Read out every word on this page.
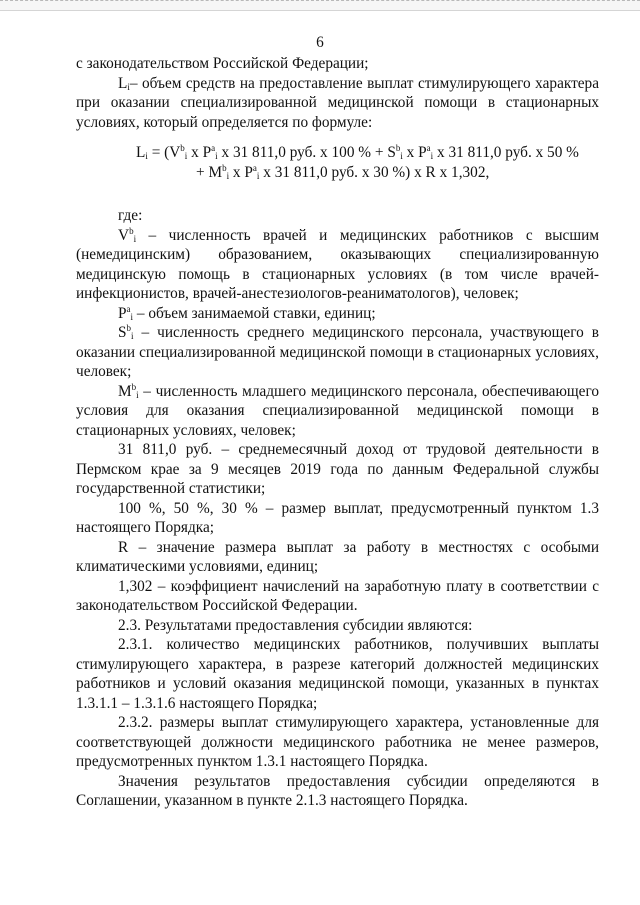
6

с законодательством Российской Федерации;

$L_i-$ объем средств на предоставление выплат стимулирующего характера при оказании специализированной медицинской помощи в стационарных условиях, который определяется по формуле:

$L_i = (V^b_i$ x $P^a_i$ x 31 811,0 руб. x 100 % + $S^b_i$ x $P^a_i$ x 31 811,0 руб. x 50 %
+ $M^b_i$ x $P^a_i$ x 31 811,0 руб. x 30 %) x R x 1,302,

где:

$V^b_i$ – численность врачей и медицинских работников с высшим (немедицинским) образованием, оказывающих специализированную медицинскую помощь в стационарных условиях (в том числе врачей-инфекционистов, врачей-анестезиологов-реаниматологов), человек;

$P^a_i$ – объем занимаемой ставки, единиц;

$S^b_i$ – численность среднего медицинского персонала, участвующего в оказании специализированной медицинской помощи в стационарных условиях, человек;

$M^b_i$ – численность младшего медицинского персонала, обеспечивающего условия для оказания специализированной медицинской помощи в стационарных условиях, человек;

31 811,0 руб. – среднемесячный доход от трудовой деятельности в Пермском крае за 9 месяцев 2019 года по данным Федеральной службы государственной статистики;

100 %, 50 %, 30 % – размер выплат, предусмотренный пунктом 1.3 настоящего Порядка;

R – значение размера выплат за работу в местностях с особыми климатическими условиями, единиц;

1,302 – коэффициент начислений на заработную плату в соответствии с законодательством Российской Федерации.

2.3. Результатами предоставления субсидии являются:

2.3.1. количество медицинских работников, получивших выплаты стимулирующего характера, в разрезе категорий должностей медицинских работников и условий оказания медицинской помощи, указанных в пунктах 1.3.1.1 – 1.3.1.6 настоящего Порядка;

2.3.2. размеры выплат стимулирующего характера, установленные для соответствующей должности медицинского работника не менее размеров, предусмотренных пунктом 1.3.1 настоящего Порядка.

Значения результатов предоставления субсидии определяются в Соглашении, указанном в пункте 2.1.3 настоящего Порядка.
